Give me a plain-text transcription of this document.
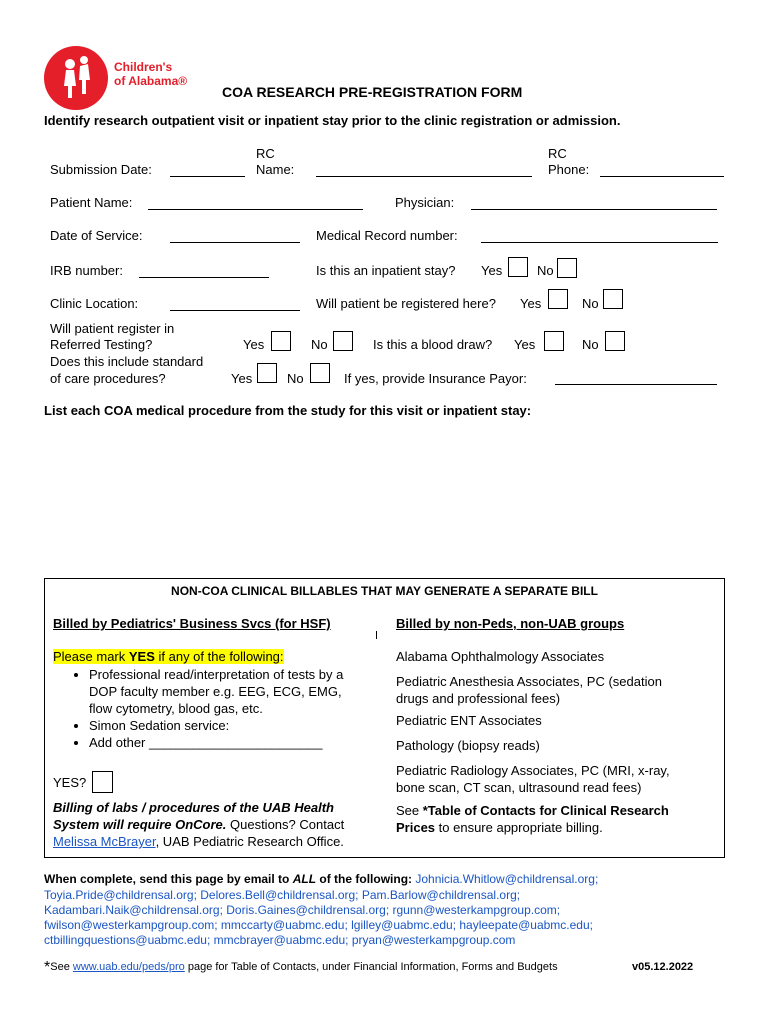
Children's
of Alabama®
COA RESEARCH PRE-REGISTRATION FORM
Identify research outpatient visit or inpatient stay prior to the clinic registration or admission.
Submission Date:
RC
Name:
RC
Phone:
Patient Name:	Physician:
Date of Service:	Medical Record number:
IRB number:	Is this an inpatient stay? Yes	No
Clinic Location:	Will patient be registered here? Yes	No
Will patient register in
Referred Testing?	Yes	No	Is this a blood draw? Yes	No
Does this include standard
of care procedures?	Yes	No	If yes, provide Insurance Payor:
List each COA medical procedure from the study for this visit or inpatient stay:
NON-COA CLINICAL BILLABLES THAT MAY GENERATE A SEPARATE BILL
Billed by Pediatrics' Business Svcs (for HSF)	Billed by non-Peds, non-UAB groups
Please mark YES if any of the following:
• Professional read/interpretation of tests by a DOP faculty member e.g. EEG, ECG, EMG, flow cytometry, blood gas, etc.
• Simon Sedation service:
• Add other ________________________
YES?
Billing of labs / procedures of the UAB Health System will require OnCore. Questions? Contact Melissa McBrayer, UAB Pediatric Research Office.
Alabama Ophthalmology Associates
Pediatric Anesthesia Associates, PC (sedation drugs and professional fees)
Pediatric ENT Associates
Pathology (biopsy reads)
Pediatric Radiology Associates, PC (MRI, x-ray, bone scan, CT scan, ultrasound read fees)
See *Table of Contacts for Clinical Research Prices to ensure appropriate billing.
When complete, send this page by email to ALL of the following: Johnicia.Whitlow@childrensal.org;
Toyia.Pride@childrensal.org; Delores.Bell@childrensal.org; Pam.Barlow@childrensal.org;
Kadambari.Naik@childrensal.org; Doris.Gaines@childrensal.org; rgunn@westerkampgroup.com;
fwilson@westerkampgroup.com; mmccarty@uabmc.edu; lgilley@uabmc.edu; hayleepate@uabmc.edu;
ctbillingquestions@uabmc.edu; mmcbrayer@uabmc.edu; pryan@westerkampgroup.com
*See www.uab.edu/peds/pro page for Table of Contacts, under Financial Information, Forms and Budgets	v05.12.2022
